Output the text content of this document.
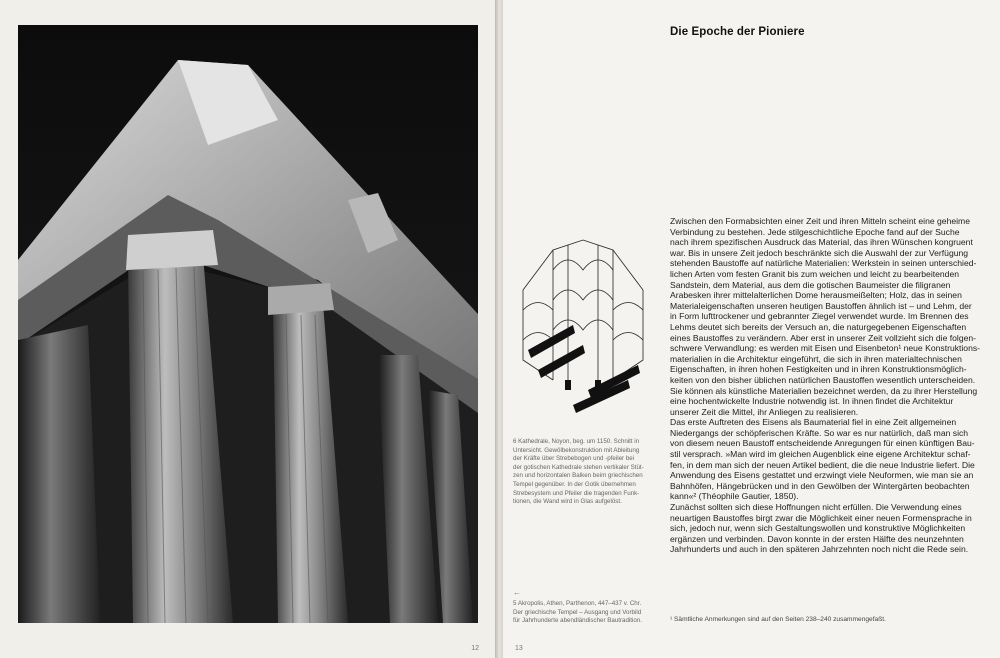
12
Die Epoche der Pioniere
6 Kathedrale, Noyon, beg. um 1150. Schnitt in
Untersicht. Gewölbekonstruktion mit Ableitung
der Kräfte über Strebebogen und -pfeiler bei
der gotischen Kathedrale stehen vertikaler Stüt-
zen und horizontalen Balken beim griechischen
Tempel gegenüber. In der Gotik übernehmen
Strebesystem und Pfeiler die tragenden Funk-
tionen, die Wand wird in Glas aufgelöst.
←
5 Akropolis, Athen, Parthenon, 447–437 v. Chr.
Der griechische Tempel – Ausgang und Vorbild
für Jahrhunderte abendländischer Bautradition.
Zwischen den Formabsichten einer Zeit und ihren Mitteln scheint eine geheime
Verbindung zu bestehen. Jede stilgeschichtliche Epoche fand auf der Suche
nach ihrem spezifischen Ausdruck das Material, das ihren Wünschen kongruent
war. Bis in unsere Zeit jedoch beschränkte sich die Auswahl der zur Verfügung
stehenden Baustoffe auf natürliche Materialien: Werkstein in seinen unterschied-
lichen Arten vom festen Granit bis zum weichen und leicht zu bearbeitenden
Sandstein, dem Material, aus dem die gotischen Baumeister die filigranen
Arabesken ihrer mittelalterlichen Dome herausmeißelten; Holz, das in seinen
Materialeigenschaften unseren heutigen Baustoffen ähnlich ist – und Lehm, der
in Form lufttrockener und gebrannter Ziegel verwendet wurde. Im Brennen des
Lehms deutet sich bereits der Versuch an, die naturgegebenen Eigenschaften
eines Baustoffes zu verändern. Aber erst in unserer Zeit vollzieht sich die folgen-
schwere Verwandlung: es werden mit Eisen und Eisenbeton¹ neue Konstruktions-
materialien in die Architektur eingeführt, die sich in ihren materialtechnischen
Eigenschaften, in ihren hohen Festigkeiten und in ihren Konstruktionsmöglich-
keiten von den bisher üblichen natürlichen Baustoffen wesentlich unterscheiden.
Sie können als künstliche Materialien bezeichnet werden, da zu ihrer Herstellung
eine hochentwickelte Industrie notwendig ist. In ihnen findet die Architektur
unserer Zeit die Mittel, ihr Anliegen zu realisieren.
Das erste Auftreten des Eisens als Baumaterial fiel in eine Zeit allgemeinen
Niedergangs der schöpferischen Kräfte. So war es nur natürlich, daß man sich
von diesem neuen Baustoff entscheidende Anregungen für einen künftigen Bau-
stil versprach. »Man wird im gleichen Augenblick eine eigene Architektur schaf-
fen, in dem man sich der neuen Artikel bedient, die die neue Industrie liefert. Die
Anwendung des Eisens gestattet und erzwingt viele Neuformen, wie man sie an
Bahnhöfen, Hängebrücken und in den Gewölben der Wintergärten beobachten
kann«² (Théophile Gautier, 1850).
Zunächst sollten sich diese Hoffnungen nicht erfüllen. Die Verwendung eines
neuartigen Baustoffes birgt zwar die Möglichkeit einer neuen Formensprache in
sich, jedoch nur, wenn sich Gestaltungswollen und konstruktive Möglichkeiten
ergänzen und verbinden. Davon konnte in der ersten Hälfte des neunzehnten
Jahrhunderts und auch in den späteren Jahrzehnten noch nicht die Rede sein.
¹ Sämtliche Anmerkungen sind auf den Seiten 238–240 zusammengefaßt.
13
